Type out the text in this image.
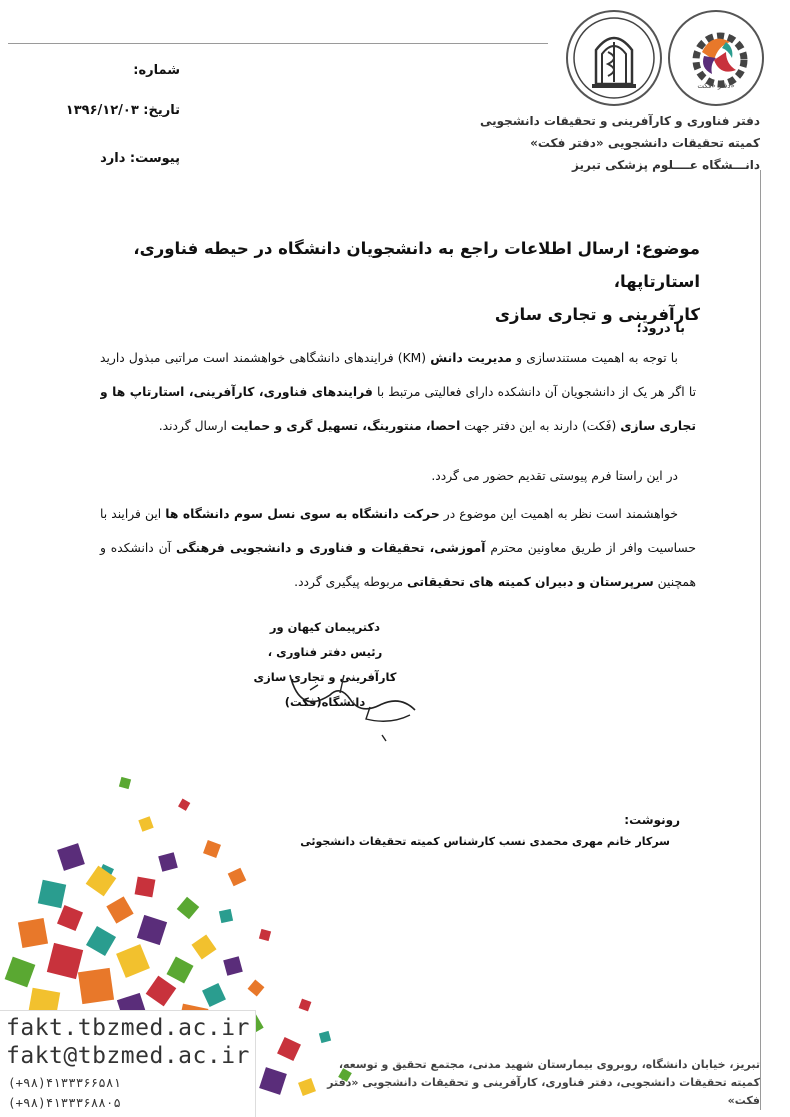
دفتر «فکت»
دفتر فناوری و کارآفرینی و تحقیقات دانشجویی
کمیته تحقیقات دانشجویی «دفتر فکت»
دانـــشگاه عــــلوم پزشکی تبریز
شماره:
تاریخ: ۱۳۹۶/۱۲/۰۳
پیوست: دارد
موضوع: ارسال اطلاعات راجع به دانشجویان دانشگاه در حیطه فناوری، استارتاپها،
کارآفرینی و تجاری سازی
با درود؛
با توجه به اهمیت مستندسازی و مدیریت دانش (KM) فرایندهای دانشگاهی خواهشمند است مراتبی مبذول دارید تا اگر هر یک از دانشجویان آن دانشکده دارای فعالیتی مرتبط با فرایندهای فناوری، کارآفرینی، استارتاپ ها و تجاری سازی (فَکت) دارند به این دفتر جهت احصا، منتورینگ، تسهیل گری و حمایت ارسال گردند.
در این راستا فرم پیوستی تقدیم حضور می گردد.
خواهشمند است نظر به اهمیت این موضوع در حرکت دانشگاه به سوی نسل سوم دانشگاه ها این فرایند با حساسیت وافر از طریق معاونین محترم آموزشی، تحقیقات و فناوری و دانشجویی فرهنگی آن دانشکده و همچنین سرپرستان و دبیران کمیته های تحقیقاتی مربوطه پیگیری گردد.
دکترپیمان کیهان ور
رئیس دفتر فناوری ،
کارآفرینی و تجاری سازی دانشگاه(فکت)
رونوشت:
سرکار خانم مهری محمدی نسب کارشناس کمیته تحقیقات دانشجوئی
fakt.tbzmed.ac.ir
fakt@tbzmed.ac.ir
(+۹۸)۴۱۳۳۳۶۶۵۸۱
(+۹۸)۴۱۳۳۳۶۸۸۰۵
تبریز، خیابان دانشگاه، روبروی بیمارستان شهید مدنی، مجتمع تحقیق و توسعه،
کمیته تحقیقات دانشجویی، دفتر فناوری، کارآفرینی و تحقیقات دانشجویی «دفتر فکت»
